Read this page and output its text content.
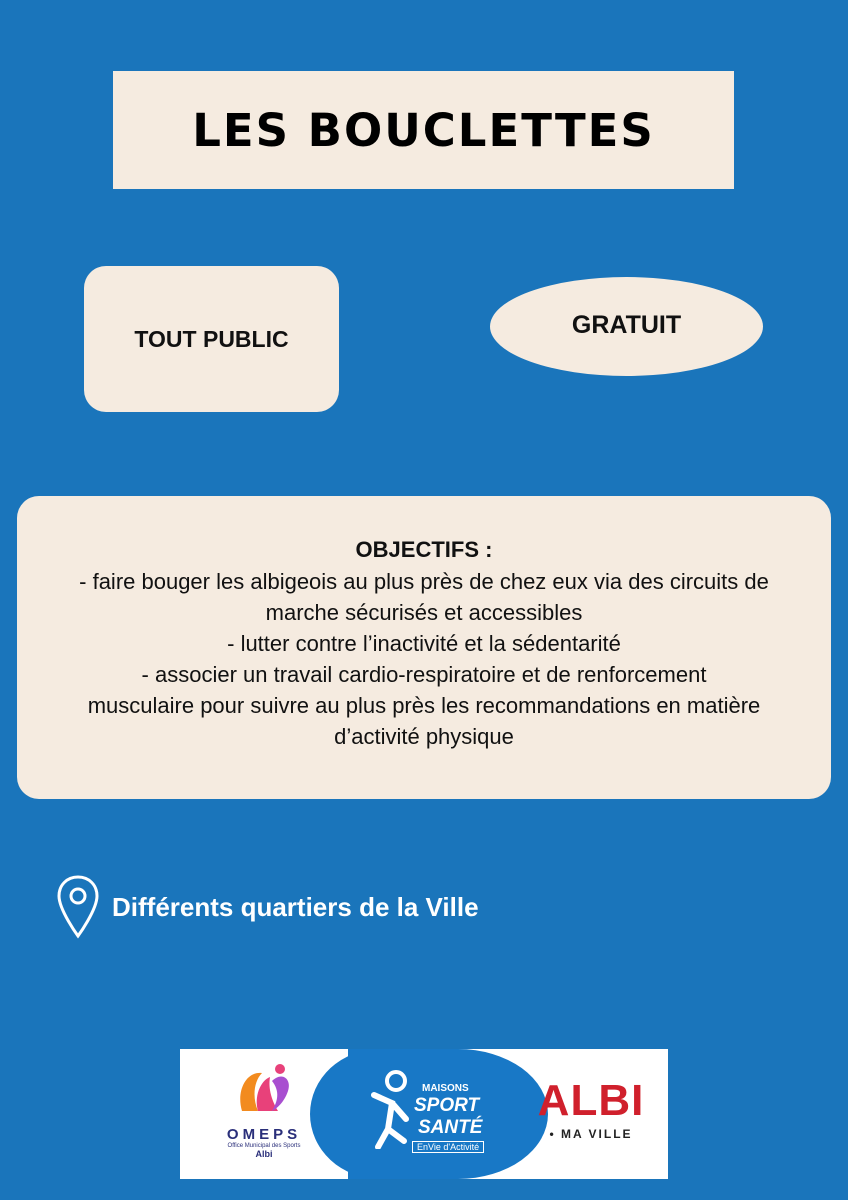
LES BOUCLETTES
TOUT PUBLIC	GRATUIT
OBJECTIFS :
- faire bouger les albigeois au plus près de chez eux via des circuits de
marche sécurisés et accessibles
- lutter contre l’inactivité et la sédentarité
- associer un travail cardio-respiratoire et de renforcement
musculaire pour suivre au plus près les recommandations en matière
d’activité physique
Différents quartiers de la Ville
OMEPS
Office Municipal des Sports
Albi
MAISONS
SPORT
SANTÉ
EnVie d'Activité
ALBI
• MA VILLE
